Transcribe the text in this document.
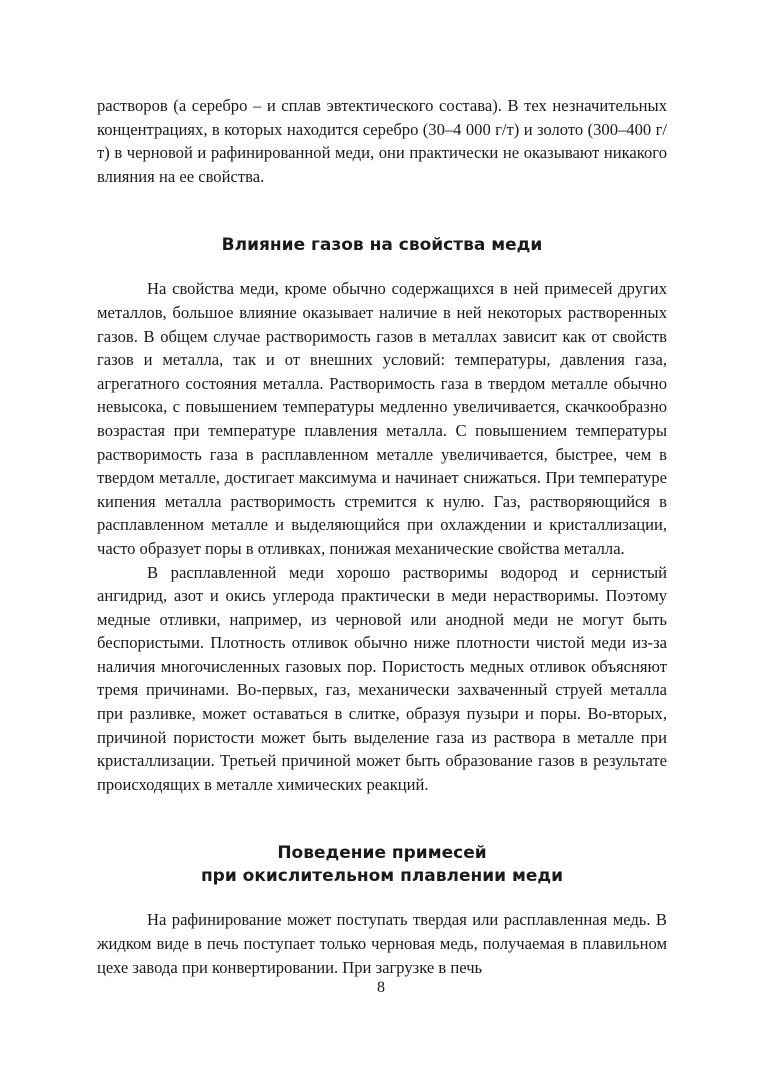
растворов (а серебро – и сплав эвтектического состава). В тех незначительных концентрациях, в которых находится серебро (30–4 000 г/т) и золото (300–400 г/т) в черновой и рафинированной меди, они практически не оказывают никакого влияния на ее свойства.

Влияние газов на свойства меди

На свойства меди, кроме обычно содержащихся в ней примесей других металлов, большое влияние оказывает наличие в ней некоторых растворенных газов. В общем случае растворимость газов в металлах зависит как от свойств газов и металла, так и от внешних условий: температуры, давления газа, агрегатного состояния металла. Растворимость газа в твердом металле обычно невысока, с повышением температуры медленно увеличивается, скачкообразно возрастая при температуре плавления металла. С повышением температуры растворимость газа в расплавленном металле увеличивается, быстрее, чем в твердом металле, достигает максимума и начинает снижаться. При температуре кипения металла растворимость стремится к нулю. Газ, растворяющийся в расплавленном металле и выделяющийся при охлаждении и кристаллизации, часто образует поры в отливках, понижая механические свойства металла.

В расплавленной меди хорошо растворимы водород и сернистый ангидрид, азот и окись углерода практически в меди нерастворимы. Поэтому медные отливки, например, из черновой или анодной меди не могут быть беспористыми. Плотность отливок обычно ниже плотности чистой меди из-за наличия многочисленных газовых пор. Пористость медных отливок объясняют тремя причинами. Во-первых, газ, механически захваченный струей металла при разливке, может оставаться в слитке, образуя пузыри и поры. Во-вторых, причиной пористости может быть выделение газа из раствора в металле при кристаллизации. Третьей причиной может быть образование газов в результате происходящих в металле химических реакций.

Поведение примесей
при окислительном плавлении меди

На рафинирование может поступать твердая или расплавленная медь. В жидком виде в печь поступает только черновая медь, получаемая в плавильном цехе завода при конвертировании. При загрузке в печь

8
